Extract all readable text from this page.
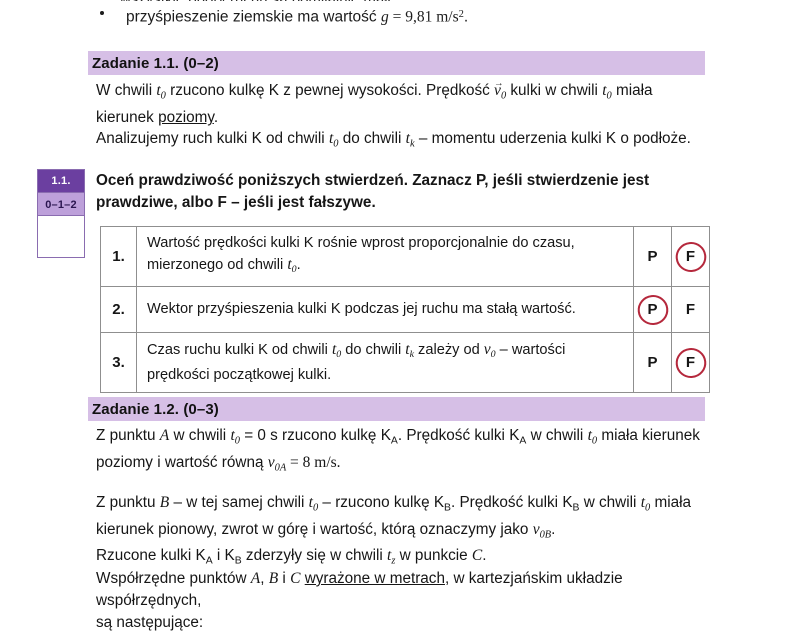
przyśpieszenie ziemskie ma wartość g = 9,81 $m/s^2$.
Zadanie 1.1. (0–2)
W chwili $t_0$ rzucono kulkę K z pewnej wysokości. Prędkość $v \to_0$ kulki w chwili $t_0$ miała kierunek poziomy.
Analizujemy ruch kulki K od chwili $t_0$ do chwili $t_k$ – momentu uderzenia kulki K o podłoże.
Oceń prawdziwość poniższych stwierdzeń. Zaznacz P, jeśli stwierdzenie jest prawdziwe, albo F – jeśli jest fałszywe.
1.1.
0–1–2
1.	Wartość prędkości kulki K rośnie wprost proporcjonalnie do czasu, mierzonego od chwili $t_0$.	P	F
2.	Wektor przyśpieszenia kulki K podczas jej ruchu ma stałą wartość.	P	F
3.	Czas ruchu kulki K od chwili $t_0$ do chwili $t_k$ zależy od $v_0$ – wartości prędkości początkowej kulki.	P	F
Zadanie 1.2. (0–3)
Z punktu A w chwili $t_0 = 0$ s rzucono kulkę $K_A$. Prędkość kulki $K_A$ w chwili $t_0$ miała kierunek poziomy i wartość równą $v_{0A} = 8$ m/s.
Z punktu B – w tej samej chwili $t_0$ – rzucono kulkę $K_B$. Prędkość kulki $K_B$ w chwili $t_0$ miała kierunek pionowy, zwrot w górę i wartość, którą oznaczymy jako $v_{0B}$.
Rzucone kulki $K_A$ i $K_B$ zderzyły się w chwili $t_z$ w punkcie C.
Współrzędne punktów A, B i C wyrażone w metrach, w kartezjańskim układzie współrzędnych,
są następujące:
